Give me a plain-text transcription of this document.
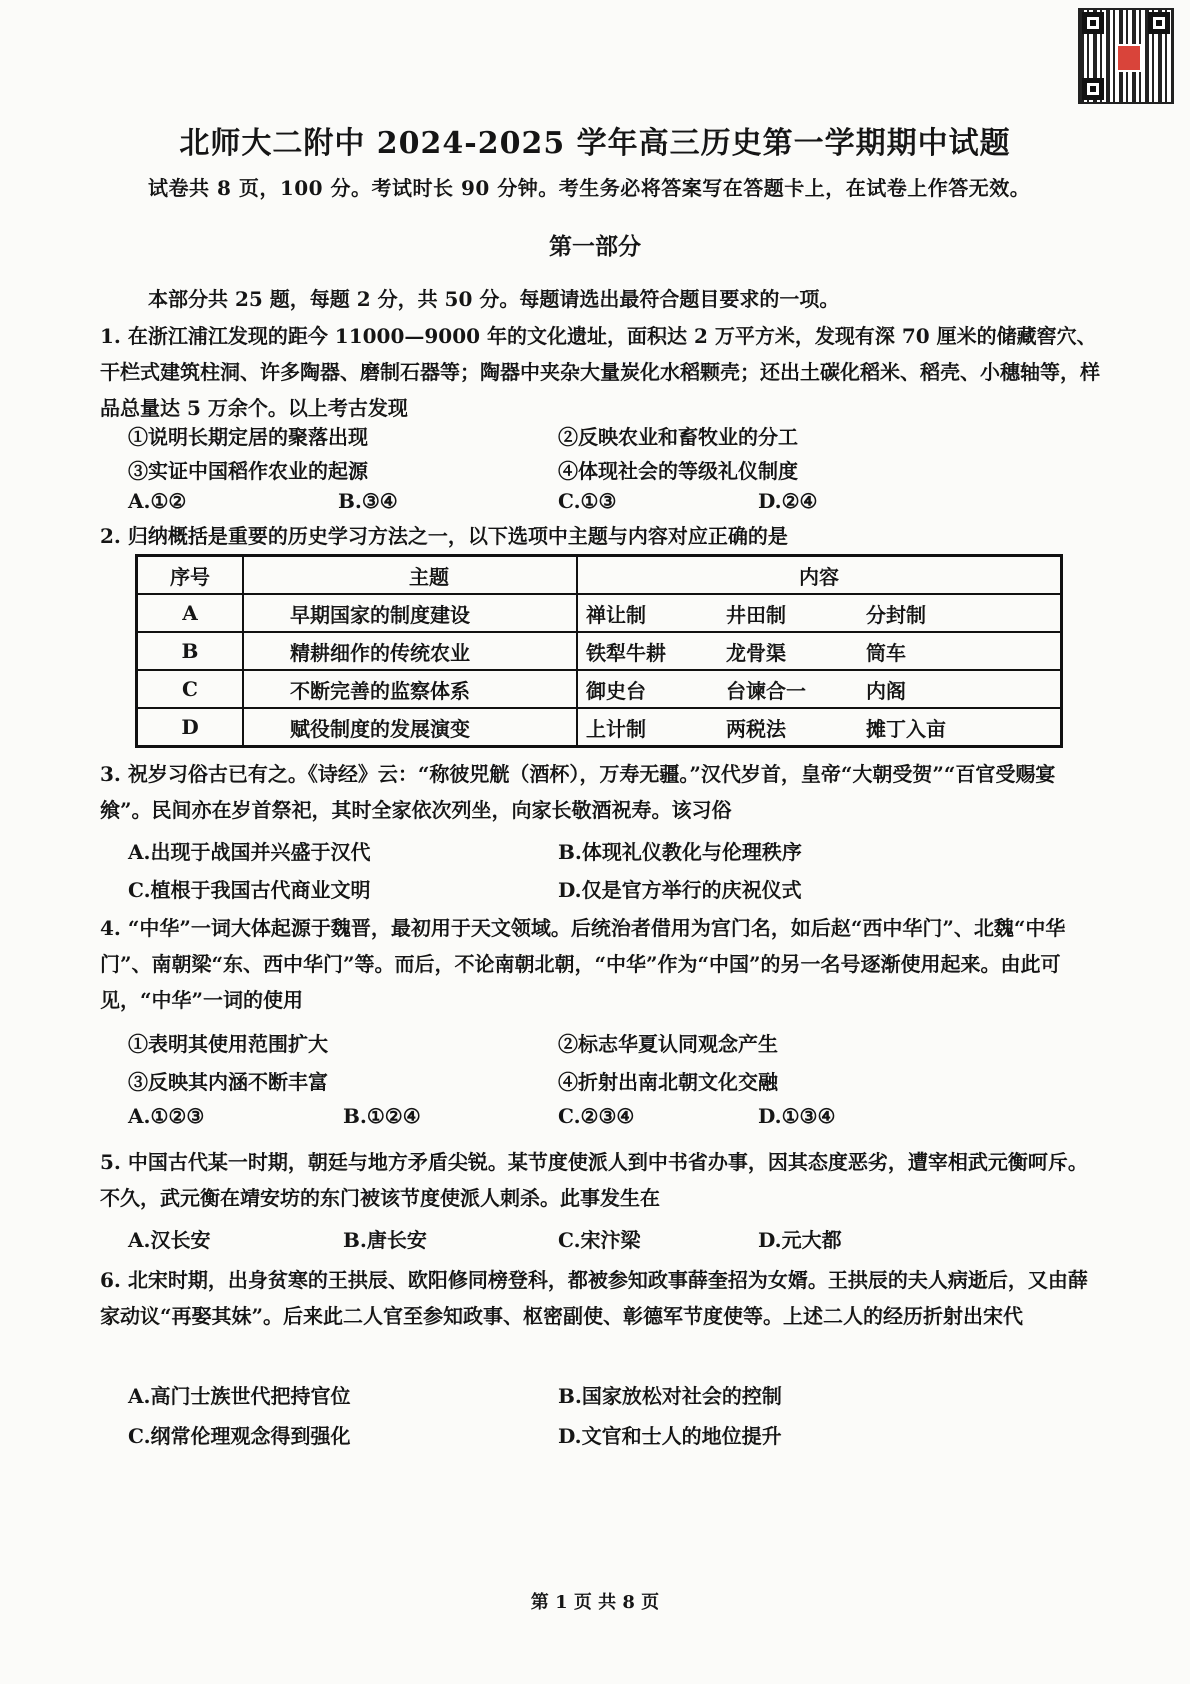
北师大二附中 2024-2025 学年高三历史第一学期期中试题
试卷共 8 页，100 分。考试时长 90 分钟。考生务必将答案写在答题卡上，在试卷上作答无效。
第一部分
本部分共 25 题，每题 2 分，共 50 分。每题请选出最符合题目要求的一项。
1. 在浙江浦江发现的距今 11000—9000 年的文化遗址，面积达 2 万平方米，发现有深 70 厘米的储藏窖穴、干栏式建筑柱洞、许多陶器、磨制石器等；陶器中夹杂大量炭化水稻颗壳；还出土碳化稻米、稻壳、小穗轴等，样品总量达 5 万余个。以上考古发现
①说明长期定居的聚落出现	②反映农业和畜牧业的分工
③实证中国稻作农业的起源	④体现社会的等级礼仪制度
A.①②	B.③④	C.①③	D.②④
2. 归纳概括是重要的历史学习方法之一，以下选项中主题与内容对应正确的是
序号	主题	内容
A	早期国家的制度建设	禅让制 井田制 分封制

B	精耕细作的传统农业	铁犁牛耕 龙骨渠 筒车

C	不断完善的监察体系	御史台 台谏合一 内阁

D	赋役制度的发展演变	上计制 两税法 摊丁入亩
3. 祝岁习俗古已有之。《诗经》云：“称彼兕觥（酒杯），万寿无疆。”汉代岁首，皇帝“大朝受贺”“百官受赐宴飨”。民间亦在岁首祭祀，其时全家依次列坐，向家长敬酒祝寿。该习俗
A.出现于战国并兴盛于汉代	B.体现礼仪教化与伦理秩序
C.植根于我国古代商业文明	D.仅是官方举行的庆祝仪式
4. “中华”一词大体起源于魏晋，最初用于天文领域。后统治者借用为宫门名，如后赵“西中华门”、北魏“中华门”、南朝梁“东、西中华门”等。而后，不论南朝北朝，“中华”作为“中国”的另一名号逐渐使用起来。由此可见，“中华”一词的使用
①表明其使用范围扩大	②标志华夏认同观念产生
③反映其内涵不断丰富	④折射出南北朝文化交融
A.①②③	B.①②④	C.②③④	D.①③④
5. 中国古代某一时期，朝廷与地方矛盾尖锐。某节度使派人到中书省办事，因其态度恶劣，遭宰相武元衡呵斥。不久，武元衡在靖安坊的东门被该节度使派人刺杀。此事发生在
A.汉长安	B.唐长安	C.宋汴梁	D.元大都
6. 北宋时期，出身贫寒的王拱辰、欧阳修同榜登科，都被参知政事薛奎招为女婿。王拱辰的夫人病逝后，又由薛家动议“再娶其妹”。后来此二人官至参知政事、枢密副使、彰德军节度使等。上述二人的经历折射出宋代
A.高门士族世代把持官位	B.国家放松对社会的控制
C.纲常伦理观念得到强化	D.文官和士人的地位提升
第 1 页 共 8 页
